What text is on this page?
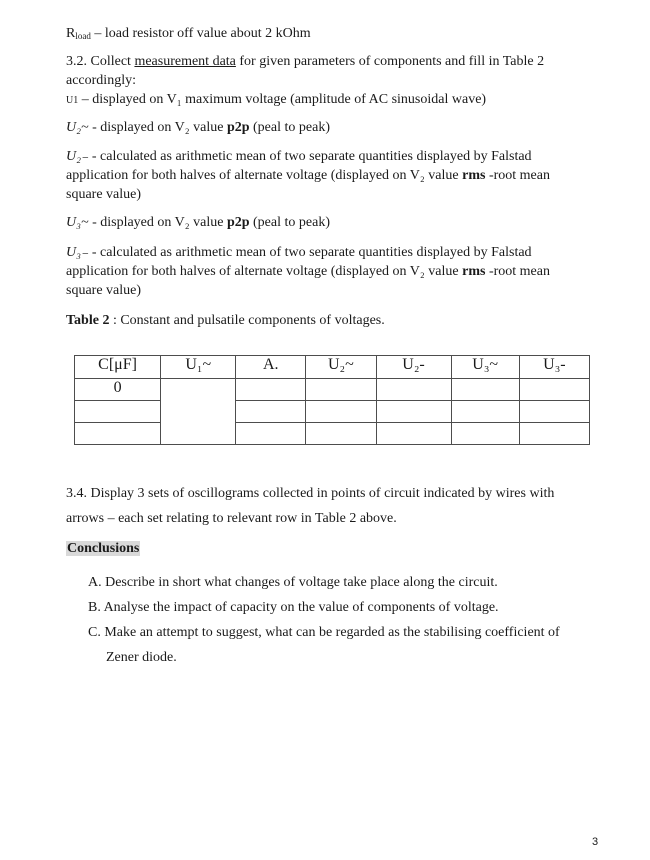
$R_{load}$ – load resistor off value about 2 kOhm
3.2. Collect measurement data for given parameters of components and fill in Table 2 accordingly:
U1 – displayed on V₁ maximum voltage (amplitude of AC sinusoidal wave)
U₂~ - displayed on V₂ value p2p (peal to peak)
U₂₋ - calculated as arithmetic mean of two separate quantities displayed by Falstad application for both halves of alternate voltage (displayed on V₂ value rms -root mean square value)
U₃~ - displayed on V₂ value p2p (peal to peak)
U₃₋ - calculated as arithmetic mean of two separate quantities displayed by Falstad application for both halves of alternate voltage (displayed on V₂ value rms -root mean square value)
Table 2 : Constant and pulsatile components of voltages.
C[μF]	U₁~	A.	U₂~	U₂-	U₃~	U₃-
0						

3.4. Display 3 sets of oscillograms collected in points of circuit indicated by wires with arrows – each set relating to relevant row in Table 2 above.
Conclusions
A. Describe in short what changes of voltage take place along the circuit.
B. Analyse the impact of capacity on the value of components of voltage.
C. Make an attempt to suggest, what can be regarded as the stabilising coefficient of
Zener diode.
3
